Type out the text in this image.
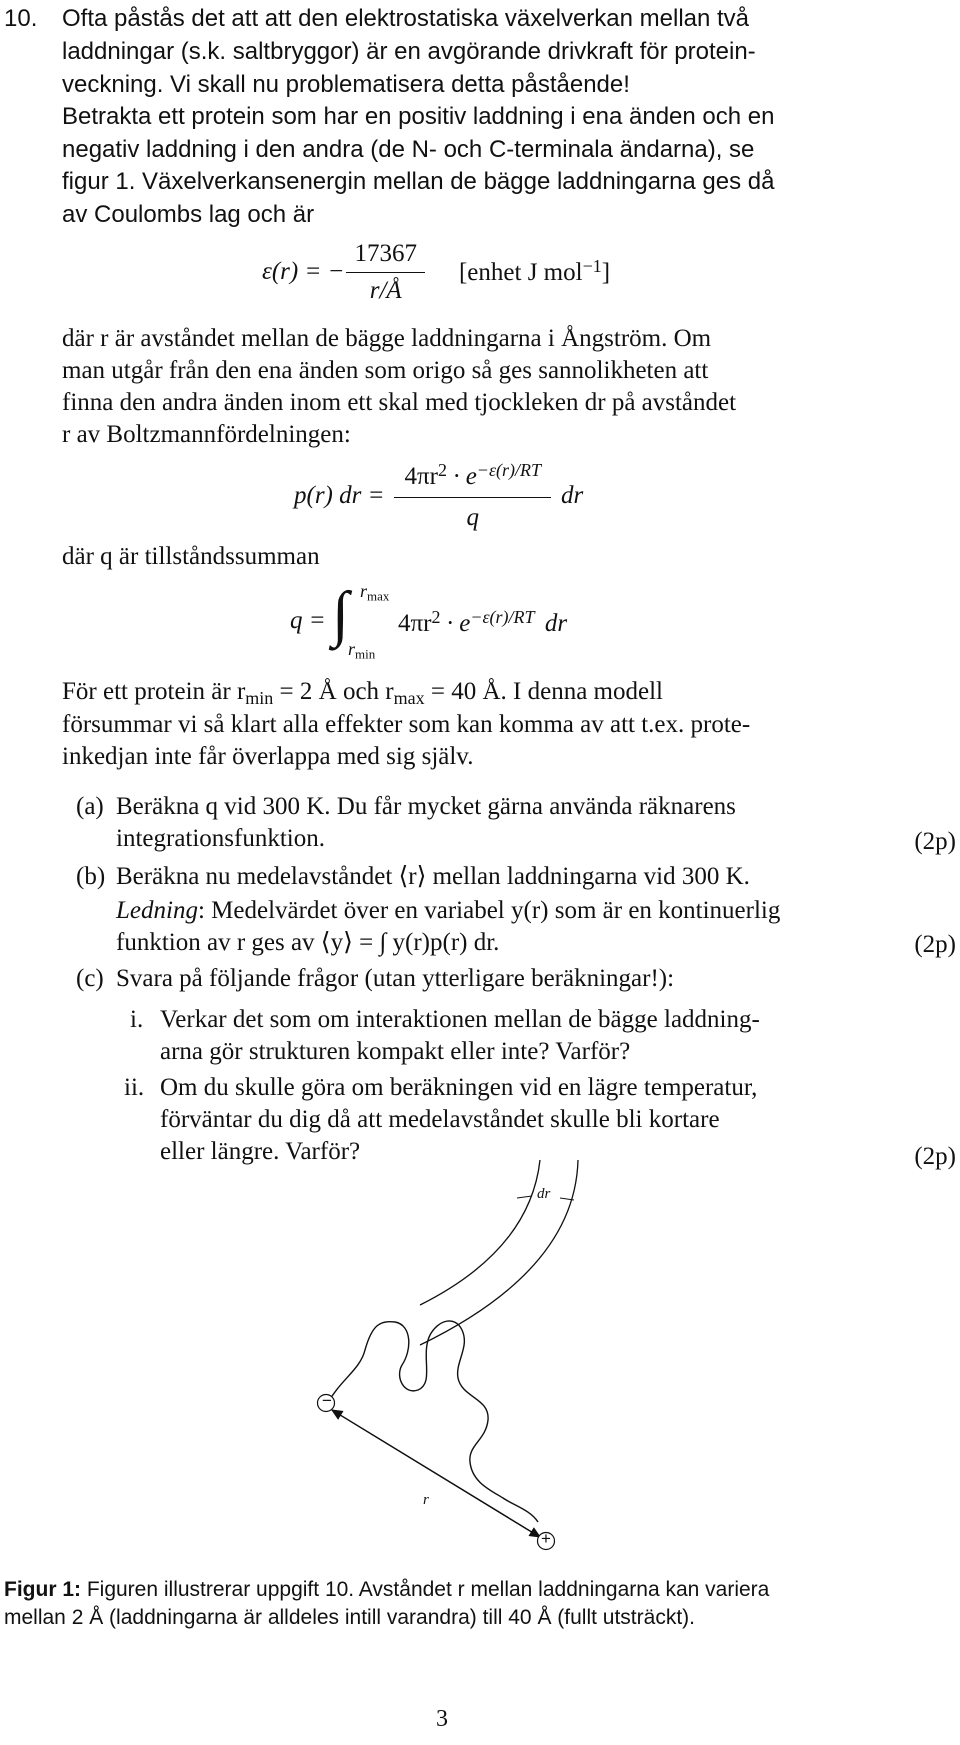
10. Ofta påstås det att att den elektrostatiska växelverkan mellan två
laddningar (s.k. saltbryggor) är en avgörande drivkraft för protein-
veckning. Vi skall nu problematisera detta påstående!
Betrakta ett protein som har en positiv laddning i ena änden och en
negativ laddning i den andra (de N- och C-terminala ändarna), se
figur 1. Växelverkansenergin mellan de bägge laddningarna ges då
av Coulombs lag och är
ε(r) = − $\frac{17367}{r/Å}$ [enhet J mol$^{-1}$]
där r är avståndet mellan de bägge laddningarna i Ångström. Om
man utgår från den ena änden som origo så ges sannolikheten att
finna den andra änden inom ett skal med tjockleken dr på avståndet
r av Boltzmannfördelningen:
p(r) dr = $\frac{4\pi r^2 \cdot e^{-\varepsilon(r)/RT}}{q}$ dr
där q är tillståndssumman
q = ∫ $r_{max}$
$r_{min}$
$4\pi r^2 \cdot e^{-\varepsilon(r)/RT}$ dr
För ett protein är $r_{min} = 2$ Å och $r_{max} = 40$ Å. I denna modell
försummar vi så klart alla effekter som kan komma av att t.ex. prote-
inkedjan inte får överlappa med sig själv.
(a) Beräkna q vid 300 K. Du får mycket gärna använda räknarens
integrationsfunktion.	(2p)
(b) Beräkna nu medelavståndet ⟨r⟩ mellan laddningarna vid 300 K.
Ledning: Medelvärdet över en variabel y(r) som är en kontinuerlig
funktion av r ges av ⟨y⟩ = ∫ y(r)p(r) dr.	(2p)
(c) Svara på följande frågor (utan ytterligare beräkningar!):
i. Verkar det som om interaktionen mellan de bägge laddning-
arna gör strukturen kompakt eller inte? Varför?
ii. Om du skulle göra om beräkningen vid en lägre temperatur,
förväntar du dig då att medelavståndet skulle bli kortare
eller längre. Varför?	(2p)
dr
r
−
+
Figur 1: Figuren illustrerar uppgift 10. Avståndet r mellan laddningarna kan variera
mellan 2 Å (laddningarna är alldeles intill varandra) till 40 Å (fullt utsträckt).
3
